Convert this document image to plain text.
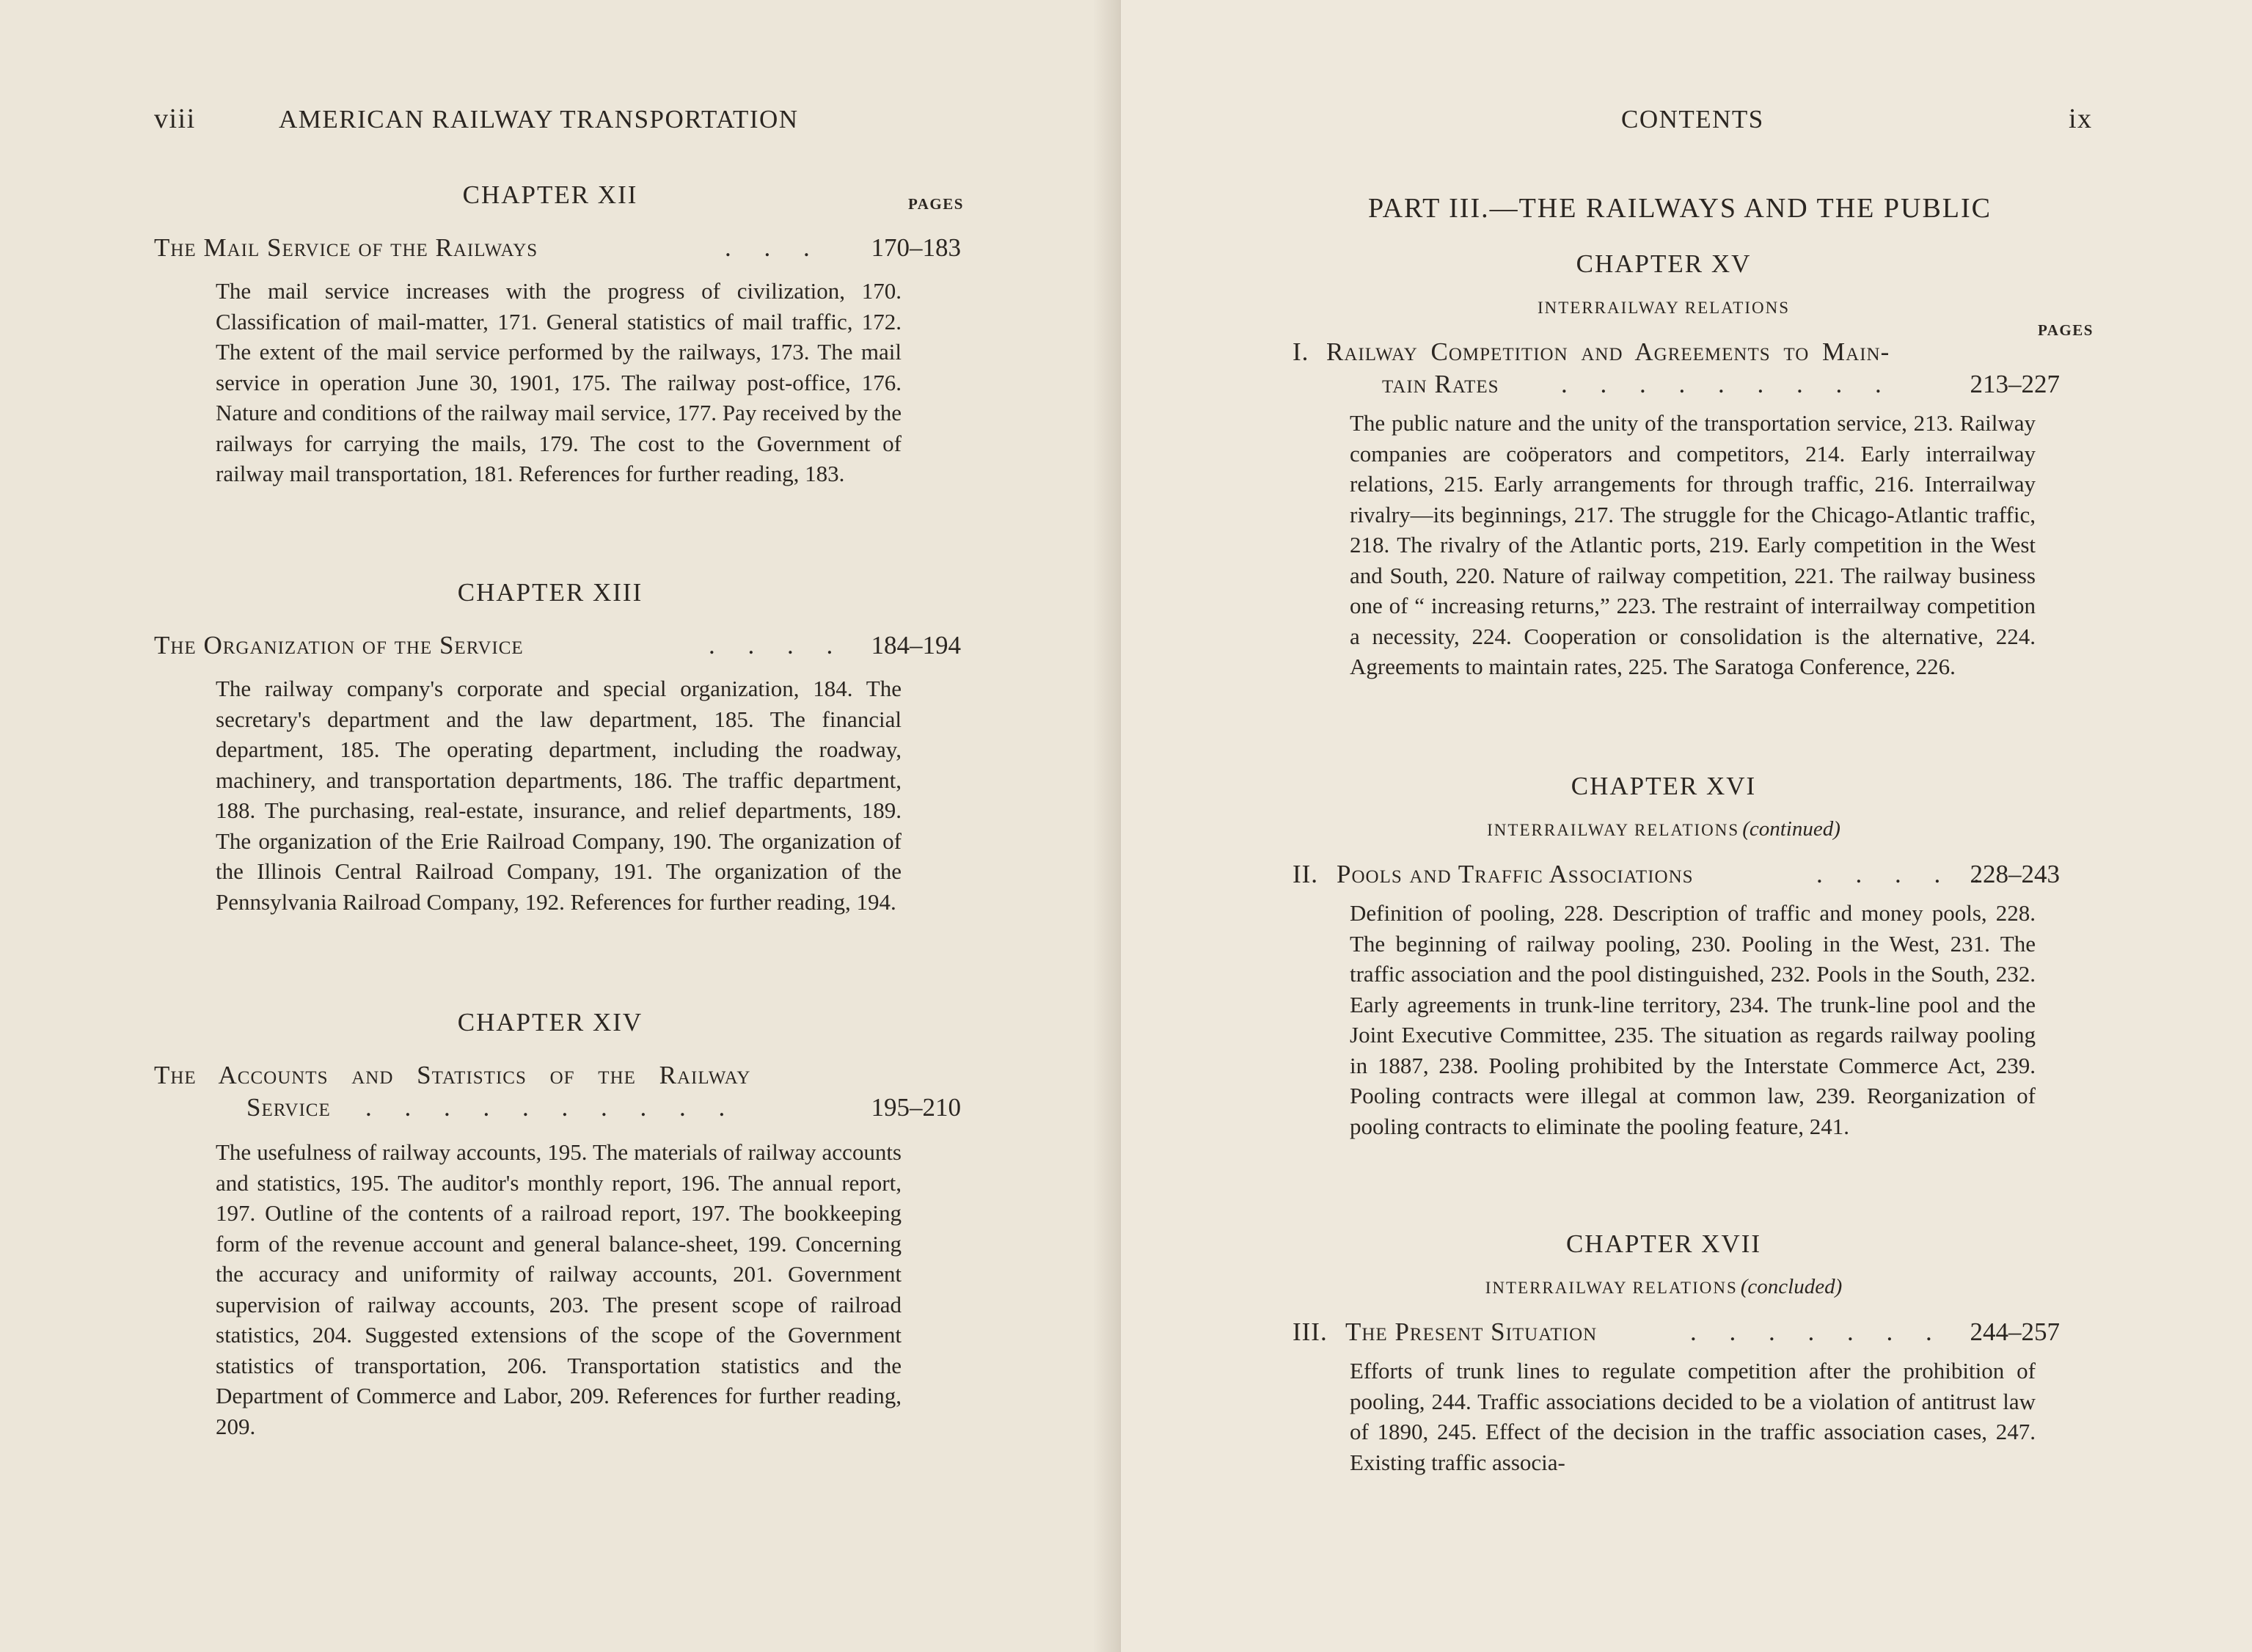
viii	AMERICAN RAILWAY TRANSPORTATION
CHAPTER XII	PAGES
The Mail Service of the Railways	. . .	170–183

The mail service increases with the progress of civilization, 170. Classification of mail-matter, 171. General statistics of mail traffic, 172. The extent of the mail service performed by the railways, 173. The mail service in operation June 30, 1901, 175. The railway post-office, 176. Nature and conditions of the railway mail service, 177. Pay received by the railways for carrying the mails, 179. The cost to the Government of railway mail transportation, 181. References for further reading, 183.

CHAPTER XIII
The Organization of the Service	. . . . 184–194

The railway company's corporate and special organization, 184. The secretary's department and the law department, 185. The financial department, 185. The operating department, including the roadway, machinery, and transportation departments, 186. The traffic department, 188. The purchasing, real-estate, insurance, and relief departments, 189. The organization of the Erie Railroad Company, 190. The organization of the Illinois Central Railroad Company, 191. The organization of the Pennsylvania Railroad Company, 192. References for further reading, 194.

CHAPTER XIV
The Accounts and Statistics of the Railway
Service . . . . . . . . . .	195–210

The usefulness of railway accounts, 195. The materials of railway accounts and statistics, 195. The auditor's monthly report, 196. The annual report, 197. Outline of the contents of a railroad report, 197. The bookkeeping form of the revenue account and general balance-sheet, 199. Concerning the accuracy and uniformity of railway accounts, 201. Government supervision of railway accounts, 203. The present scope of railroad statistics, 204. Suggested extensions of the scope of the Government statistics of transportation, 206. Transportation statistics and the Department of Commerce and Labor, 209. References for further reading, 209.

CONTENTS	ix
PART III.—THE RAILWAYS AND THE PUBLIC
CHAPTER XV
INTERRAILWAY RELATIONS
PAGES
I. Railway Competition and Agreements to Main-
tain Rates . . . . . . . . .	213–227

The public nature and the unity of the transportation service, 213. Railway companies are coöperators and competitors, 214. Early interrailway relations, 215. Early arrangements for through traffic, 216. Interrailway rivalry—its beginnings, 217. The struggle for the Chicago-Atlantic traffic, 218. The rivalry of the Atlantic ports, 219. Early competition in the West and South, 220. Nature of railway competition, 221. The railway business one of “ increasing returns,” 223. The restraint of interrailway competition a necessity, 224. Cooperation or consolidation is the alternative, 224. Agreements to maintain rates, 225. The Saratoga Conference, 226.

CHAPTER XVI
INTERRAILWAY RELATIONS (continued)
II. Pools and Traffic Associations	. . . . .
228–243

Definition of pooling, 228. Description of traffic and money pools, 228. The beginning of railway pooling, 230. Pooling in the West, 231. The traffic association and the pool distinguished, 232. Pools in the South, 232. Early agreements in trunk-line territory, 234. The trunk-line pool and the Joint Executive Committee, 235. The situation as regards railway pooling in 1887, 238. Pooling prohibited by the Interstate Commerce Act, 239. Pooling contracts were illegal at common law, 239. Reorganization of pooling contracts to eliminate the pooling feature, 241.

CHAPTER XVII
INTERRAILWAY RELATIONS (concluded)
III. The Present Situation	. . . . . . . 244–257

Efforts of trunk lines to regulate competition after the prohibition of pooling, 244. Traffic associations decided to be a violation of antitrust law of 1890, 245. Effect of the decision in the traffic association cases, 247. Existing traffic associa-
